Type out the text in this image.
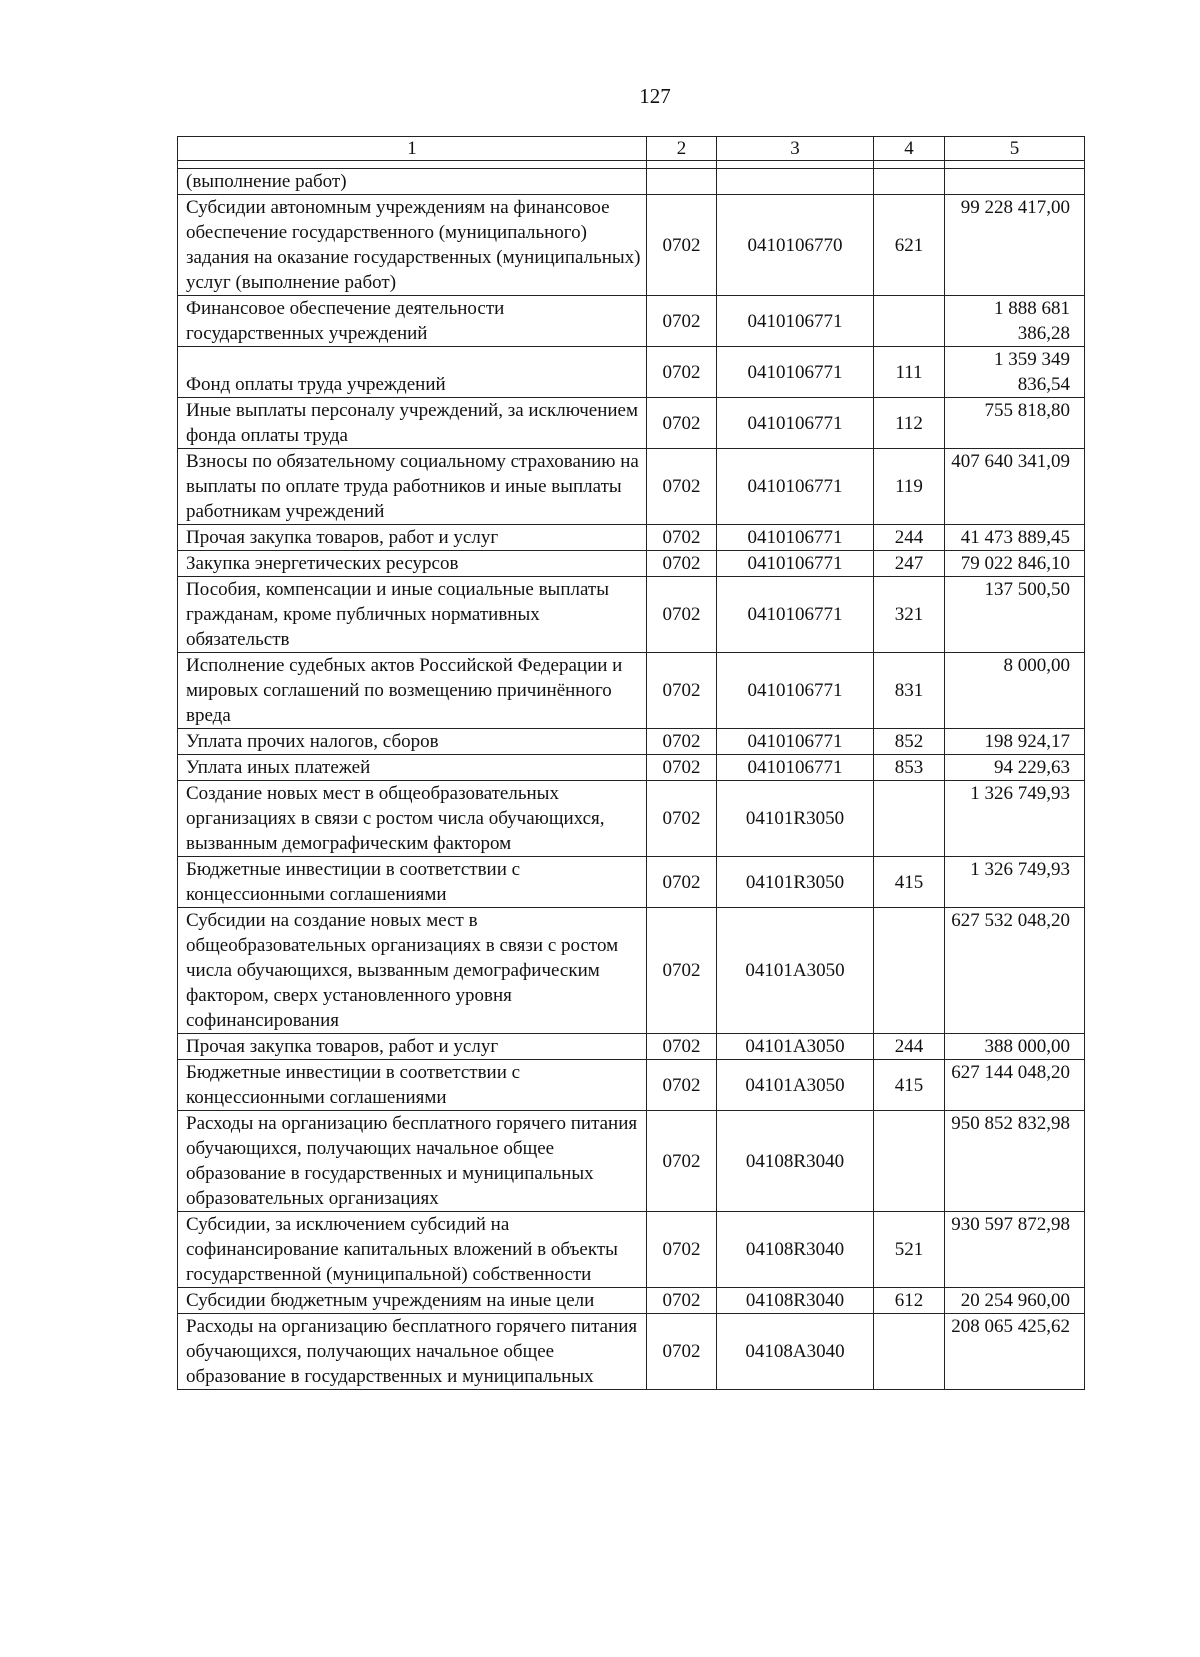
127
1	2	3	4	5

(выполнение работ)				
Субсидии автономным учреждениям на финансовое обеспечение государственного (муниципального) задания на оказание государственных (муниципальных) услуг (выполнение работ)	0702	0410106770	621	99 228 417,00
Финансовое обеспечение деятельности государственных учреждений	0702	0410106771		1 888 681 386,28
Фонд оплаты труда учреждений	0702	0410106771	111	1 359 349 836,54
Иные выплаты персоналу учреждений, за исключением фонда оплаты труда	0702	0410106771	112	755 818,80
Взносы по обязательному социальному страхованию на выплаты по оплате труда работников и иные выплаты работникам учреждений	0702	0410106771	119	407 640 341,09
Прочая закупка товаров, работ и услуг	0702	0410106771	244	41 473 889,45
Закупка энергетических ресурсов	0702	0410106771	247	79 022 846,10
Пособия, компенсации и иные социальные выплаты гражданам, кроме публичных нормативных обязательств	0702	0410106771	321	137 500,50
Исполнение судебных актов Российской Федерации и мировых соглашений по возмещению причинённого вреда	0702	0410106771	831	8 000,00
Уплата прочих налогов, сборов	0702	0410106771	852	198 924,17
Уплата иных платежей	0702	0410106771	853	94 229,63
Создание новых мест в общеобразовательных организациях в связи с ростом числа обучающихся, вызванным демографическим фактором	0702	04101R3050		1 326 749,93
Бюджетные инвестиции в соответствии с концессионными соглашениями	0702	04101R3050	415	1 326 749,93
Субсидии на создание новых мест в общеобразовательных организациях в связи с ростом числа обучающихся, вызванным демографическим фактором, сверх установленного уровня софинансирования	0702	04101A3050		627 532 048,20
Прочая закупка товаров, работ и услуг	0702	04101A3050	244	388 000,00
Бюджетные инвестиции в соответствии с концессионными соглашениями	0702	04101A3050	415	627 144 048,20
Расходы на организацию бесплатного горячего питания обучающихся, получающих начальное общее образование в государственных и муниципальных образовательных организациях	0702	04108R3040		950 852 832,98
Субсидии, за исключением субсидий на софинансирование капитальных вложений в объекты государственной (муниципальной) собственности	0702	04108R3040	521	930 597 872,98
Субсидии бюджетным учреждениям на иные цели	0702	04108R3040	612	20 254 960,00
Расходы на организацию бесплатного горячего питания обучающихся, получающих начальное общее образование в государственных и муниципальных	0702	04108A3040		208 065 425,62
